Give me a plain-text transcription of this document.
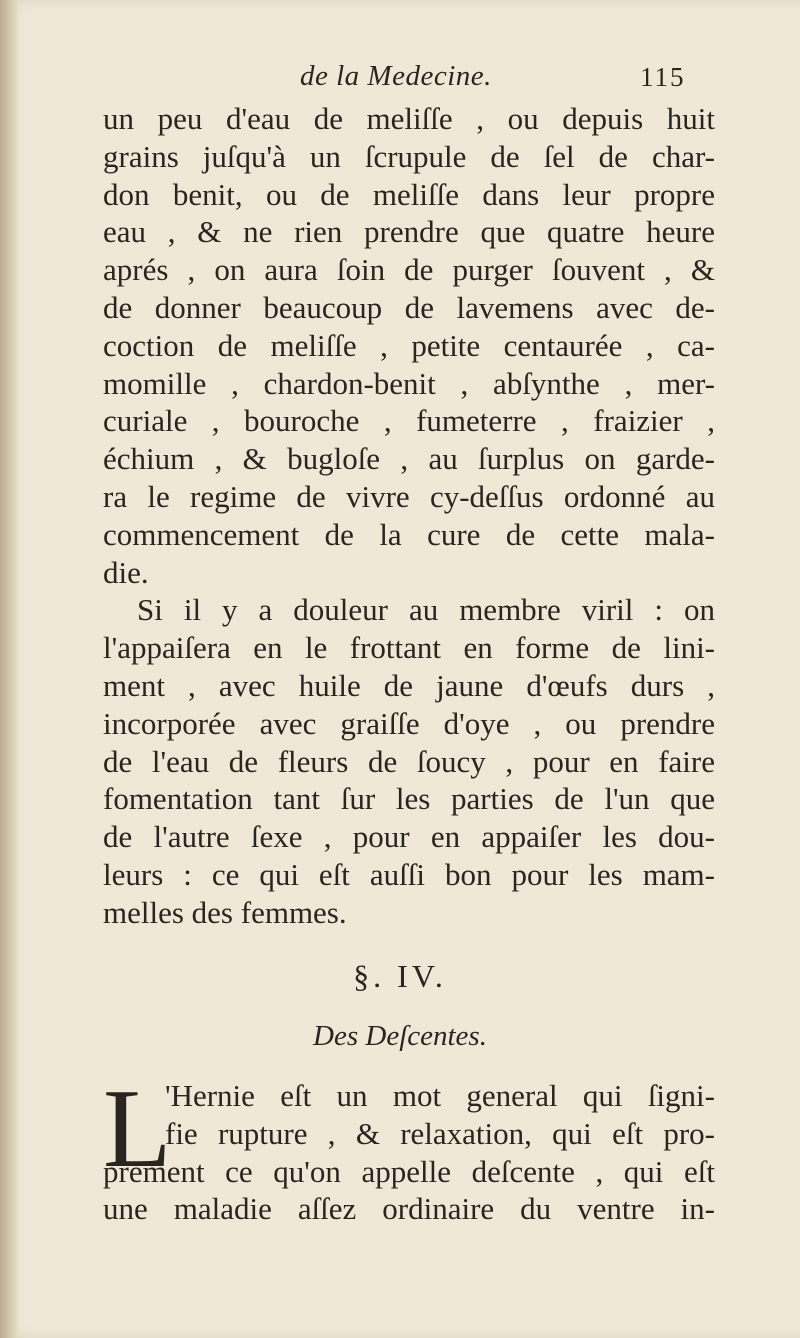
de la Medecine.	115
un peu d'eau de meliſſe , ou depuis huit
grains juſqu'à un ſcrupule de ſel de char-
don benit, ou de meliſſe dans leur propre
eau , & ne rien prendre que quatre heure
aprés , on aura ſoin de purger ſouvent , &
de donner beaucoup de lavemens avec de-
coction de meliſſe , petite centaurée , ca-
momille , chardon-benit , abſynthe , mer-
curiale , bouroche , fumeterre , fraizier ,
échium , & bugloſe , au ſurplus on garde-
ra le regime de vivre cy-deſſus ordonné au
commencement de la cure de cette mala-
die.
Si il y a douleur au membre viril : on
l'appaiſera en le frottant en forme de lini-
ment , avec huile de jaune d'œufs durs ,
incorporée avec graiſſe d'oye , ou prendre
de l'eau de fleurs de ſoucy , pour en faire
fomentation tant ſur les parties de l'un que
de l'autre ſexe , pour en appaiſer les dou-
leurs : ce qui eſt auſſi bon pour les mam-
melles des femmes.
§. IV.
Des Deſcentes.
L
'Hernie eſt un mot general qui ſigni-
fie rupture , & relaxation, qui eſt pro-
prement ce qu'on appelle deſcente , qui eſt
une maladie aſſez ordinaire du ventre in-
